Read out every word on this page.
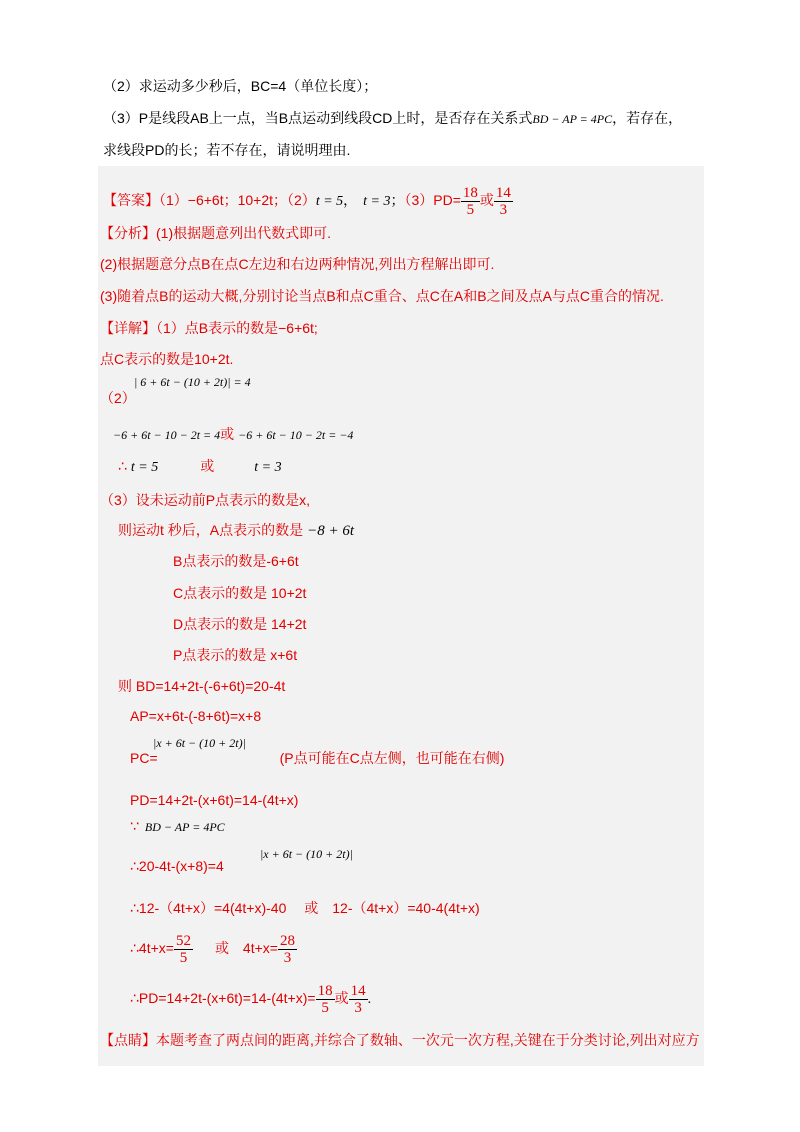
（2）求运动多少秒后，BC=4（单位长度）；
（3）P是线段AB上一点，当B点运动到线段CD上时，是否存在关系式BD − AP = 4PC，若存在，
求线段PD的长；若不存在，请说明理由.
【答案】（1）−6+6t；10+2t；（2）t = 5， t = 3；$(3)PD= \frac{18}{5}$ 或 $\frac{14}{3}$
【分析】(1)根据题意列出代数式即可.
(2)根据题意分点B在点C左边和右边两种情况,列出方程解出即可.
(3)随着点B的运动大概,分别讨论当点B和点C重合、点C在A和B之间及点A与点C重合的情况.
【详解】（1）点B表示的数是−6+6t;
点C表示的数是10+2t.
| 6 + 6t − (10 + 2t)| = 4
（2）
−6 + 6t − 10 − 2t = 4或 −6 + 6t − 10 − 2t = −4
∴ t = 5	或	t = 3
（3）设未运动前P点表示的数是x,
则运动t 秒后，A点表示的数是 −8 + 6t
B点表示的数是-6+6t
C点表示的数是 10+2t
D点表示的数是 14+2t
P点表示的数是 x+6t
则 BD=14+2t-(-6+6t)=20-4t
AP=x+6t-(-8+6t)=x+8
|x + 6t − (10 + 2t)|
PC=	(P点可能在C点左侧，也可能在右侧)
PD=14+2t-(x+6t)=14-(4t+x)
∵ BD − AP = 4PC
|x + 6t − (10 + 2t)|
∴20-4t-(x+8)=4
∴12-（4t+x）=4(4t+x)-40　 或　12-（4t+x）=40-4(4t+x)
∴4t+x= $\frac{52}{5}$ 或　$4t+x= \frac{28}{3}$
∴PD=14+2t-(x+6t)=14-(4t+x)= $\frac{18}{5}$ 或 $\frac{14}{3}$ .
【点睛】本题考查了两点间的距离,并综合了数轴、一次元一次方程,关键在于分类讨论,列出对应方
